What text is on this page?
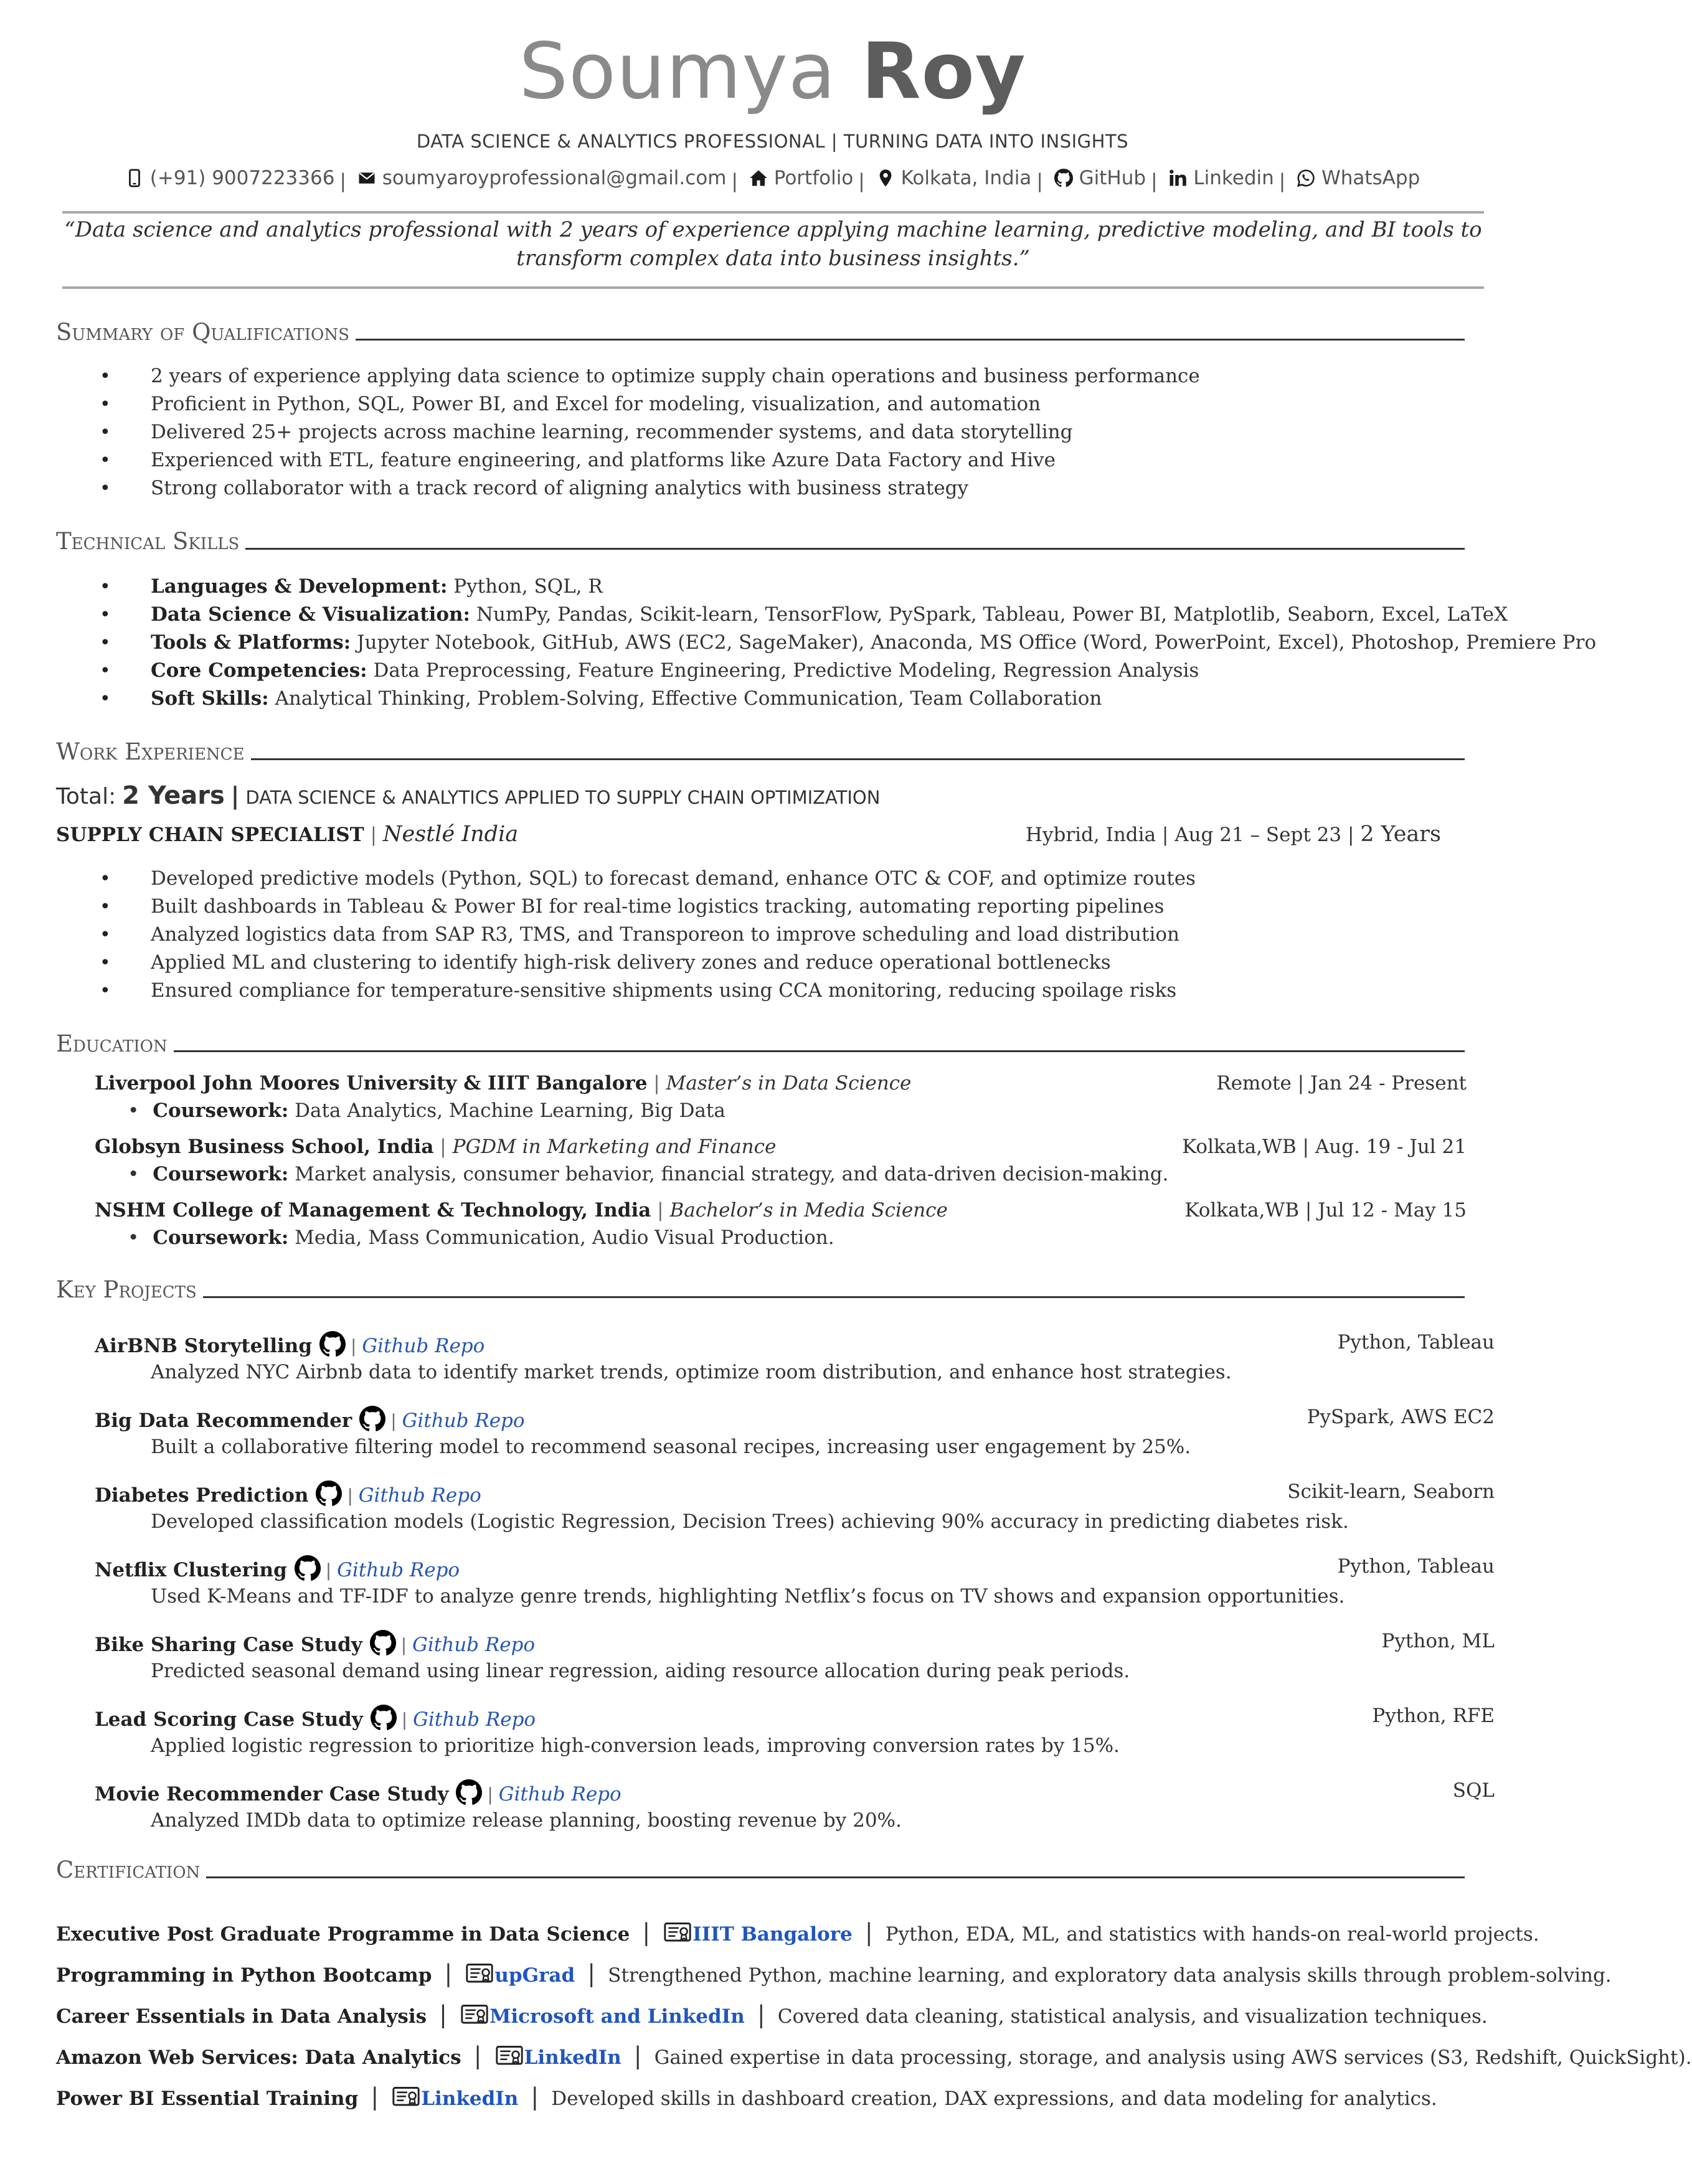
Soumya Roy
DATA SCIENCE & ANALYTICS PROFESSIONAL | TURNING DATA INTO INSIGHTS
(+91) 9007223366 | soumyaroyprofessional@gmail.com | Portfolio | Kolkata, India | GitHub | Linkedin | WhatsApp
“Data science and analytics professional with 2 years of experience applying machine learning, predictive modeling, and BI tools to transform complex data into business insights.”
Summary of Qualifications
• 2 years of experience applying data science to optimize supply chain operations and business performance
• Proficient in Python, SQL, Power BI, and Excel for modeling, visualization, and automation
• Delivered 25+ projects across machine learning, recommender systems, and data storytelling
• Experienced with ETL, feature engineering, and platforms like Azure Data Factory and Hive
• Strong collaborator with a track record of aligning analytics with business strategy
Technical Skills
• Languages & Development: Python, SQL, R
• Data Science & Visualization: NumPy, Pandas, Scikit-learn, TensorFlow, PySpark, Tableau, Power BI, Matplotlib, Seaborn, Excel, LaTeX
• Tools & Platforms: Jupyter Notebook, GitHub, AWS (EC2, SageMaker), Anaconda, MS Office (Word, PowerPoint, Excel), Photoshop, Premiere Pro
• Core Competencies: Data Preprocessing, Feature Engineering, Predictive Modeling, Regression Analysis
• Soft Skills: Analytical Thinking, Problem-Solving, Effective Communication, Team Collaboration
Work Experience
Total: 2 Years | DATA SCIENCE & ANALYTICS APPLIED TO SUPPLY CHAIN OPTIMIZATION
SUPPLY CHAIN SPECIALIST | Nestlé India	Hybrid, India | Aug 21 – Sept 23 | 2 Years
• Developed predictive models (Python, SQL) to forecast demand, enhance OTC & COF, and optimize routes
• Built dashboards in Tableau & Power BI for real-time logistics tracking, automating reporting pipelines
• Analyzed logistics data from SAP R3, TMS, and Transporeon to improve scheduling and load distribution
• Applied ML and clustering to identify high-risk delivery zones and reduce operational bottlenecks
• Ensured compliance for temperature-sensitive shipments using CCA monitoring, reducing spoilage risks
Education
Liverpool John Moores University & IIIT Bangalore | Master’s in Data Science	Remote | Jan 24 - Present
• Coursework: Data Analytics, Machine Learning, Big Data
Globsyn Business School, India | PGDM in Marketing and Finance	Kolkata,WB | Aug. 19 - Jul 21
• Coursework: Market analysis, consumer behavior, financial strategy, and data-driven decision-making.
NSHM College of Management & Technology, India | Bachelor’s in Media Science	Kolkata,WB | Jul 12 - May 15
• Coursework: Media, Mass Communication, Audio Visual Production.
Key Projects
AirBNB Storytelling | Github Repo	Python, Tableau
Analyzed NYC Airbnb data to identify market trends, optimize room distribution, and enhance host strategies.
Big Data Recommender | Github Repo	PySpark, AWS EC2
Built a collaborative filtering model to recommend seasonal recipes, increasing user engagement by 25%.
Diabetes Prediction | Github Repo	Scikit-learn, Seaborn
Developed classification models (Logistic Regression, Decision Trees) achieving 90% accuracy in predicting diabetes risk.
Netflix Clustering | Github Repo	Python, Tableau
Used K-Means and TF-IDF to analyze genre trends, highlighting Netflix’s focus on TV shows and expansion opportunities.
Bike Sharing Case Study | Github Repo	Python, ML
Predicted seasonal demand using linear regression, aiding resource allocation during peak periods.
Lead Scoring Case Study | Github Repo	Python, RFE
Applied logistic regression to prioritize high-conversion leads, improving conversion rates by 15%.
Movie Recommender Case Study | Github Repo	SQL
Analyzed IMDb data to optimize release planning, boosting revenue by 20%.
Certification
Executive Post Graduate Programme in Data Science | IIIT Bangalore | Python, EDA, ML, and statistics with hands-on real-world projects.
Programming in Python Bootcamp | upGrad | Strengthened Python, machine learning, and exploratory data analysis skills through problem-solving.
Career Essentials in Data Analysis | Microsoft and LinkedIn | Covered data cleaning, statistical analysis, and visualization techniques.
Amazon Web Services: Data Analytics | LinkedIn | Gained expertise in data processing, storage, and analysis using AWS services (S3, Redshift, QuickSight).
Power BI Essential Training | LinkedIn | Developed skills in dashboard creation, DAX expressions, and data modeling for analytics.
